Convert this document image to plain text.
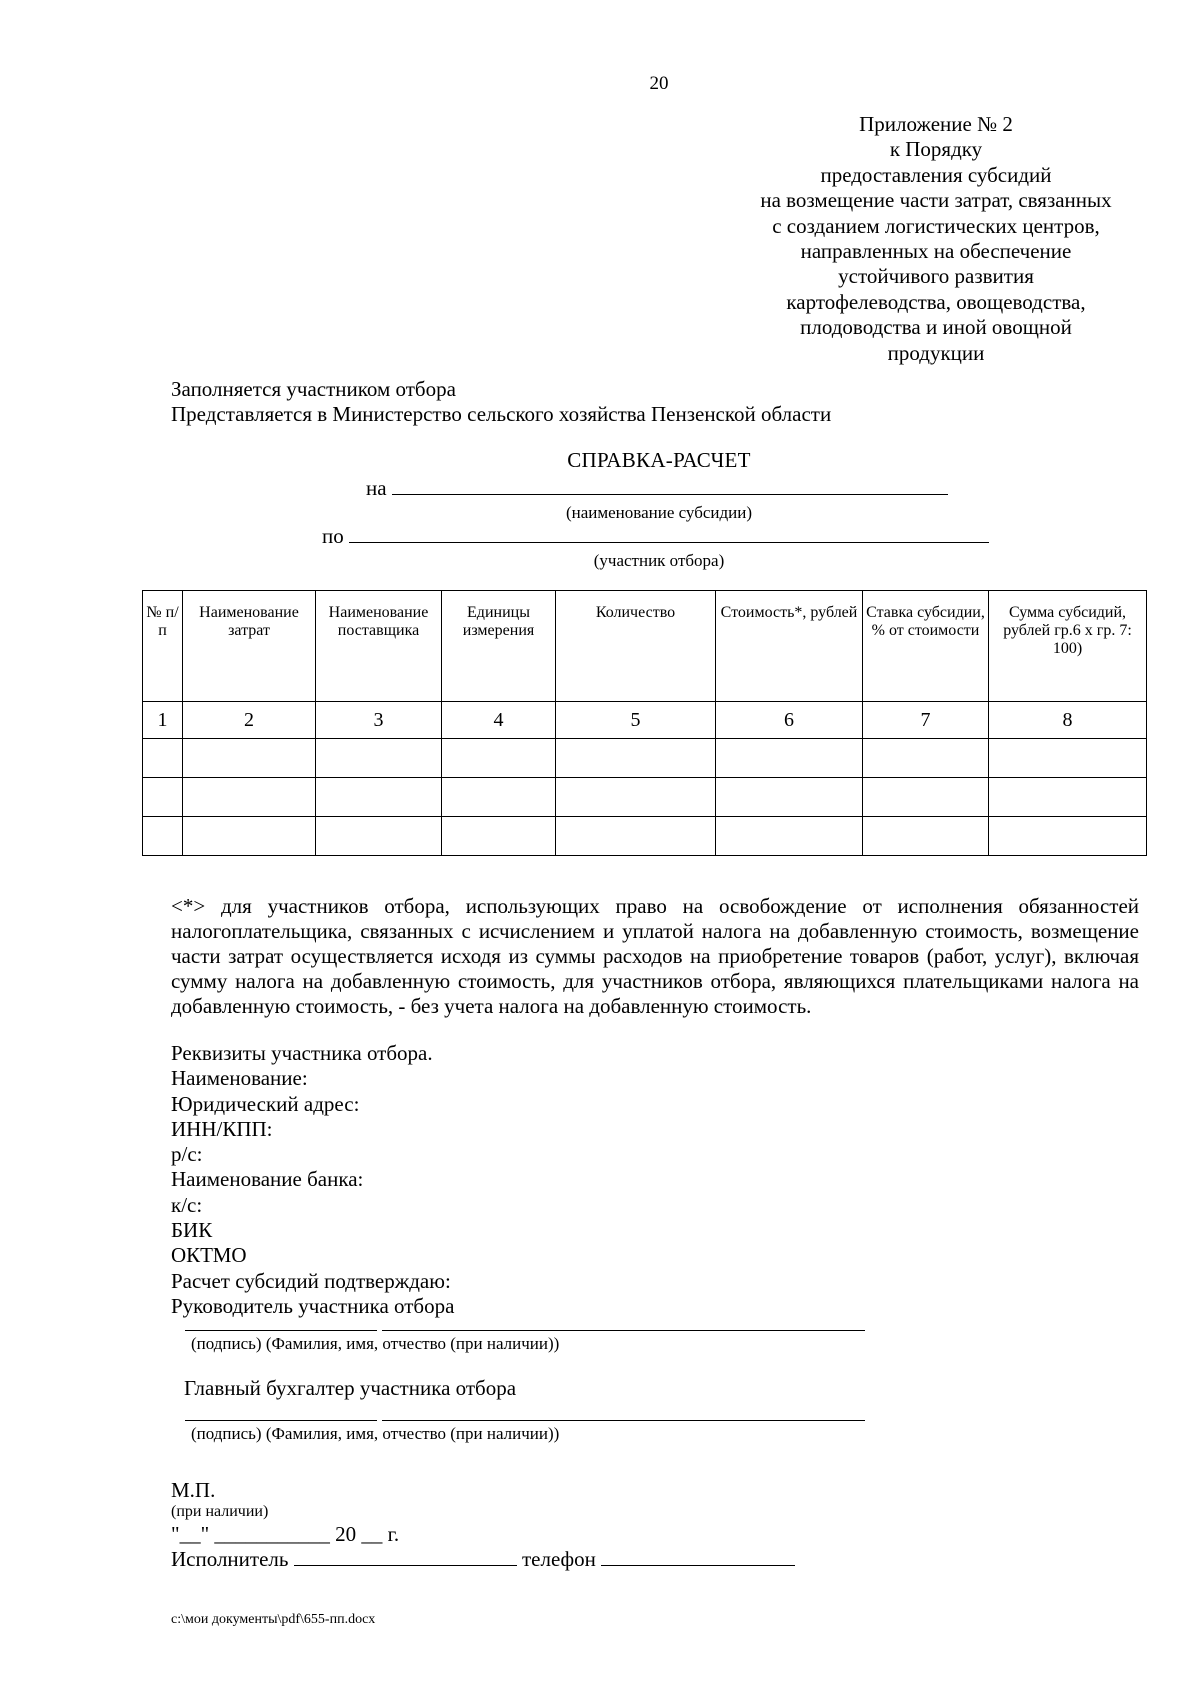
20
Приложение № 2
к Порядку
предоставления субсидий
на возмещение части затрат, связанных
с созданием логистических центров,
направленных на обеспечение
устойчивого развития
картофелеводства, овощеводства,
плодоводства и иной овощной
продукции
Заполняется участником отбора
Представляется в Министерство сельского хозяйства Пензенской области
СПРАВКА-РАСЧЕТ
на
(наименование субсидии)
по
(участник отбора)
№ п/п	Наименование затрат	Наименование поставщика	Единицы измерения	Количество	Стоимость*, рублей	Ставка субсидии, % от стоимости	Сумма субсидий, рублей гр.6 х гр. 7: 100)
1	2	3	4	5	6	7	8

<*> для участников отбора, использующих право на освобождение от исполнения обязанностей налогоплательщика, связанных с исчислением и уплатой налога на добавленную стоимость, возмещение части затрат осуществляется исходя из суммы расходов на приобретение товаров (работ, услуг), включая сумму налога на добавленную стоимость, для участников отбора, являющихся плательщиками налога на добавленную стоимость, - без учета налога на добавленную стоимость.
Реквизиты участника отбора.
Наименование:
Юридический адрес:
ИНН/КПП:
р/с:
Наименование банка:
к/с:
БИК
ОКТМО
Расчет субсидий подтверждаю:
Руководитель участника отбора
(подпись) (Фамилия, имя, отчество (при наличии))
Главный бухгалтер участника отбора
(подпись) (Фамилия, имя, отчество (при наличии))
М.П.
(при наличии)
"__" ___________ 20 __ г.
Исполнитель	телефон
c:\мои документы\pdf\655-пп.docx
